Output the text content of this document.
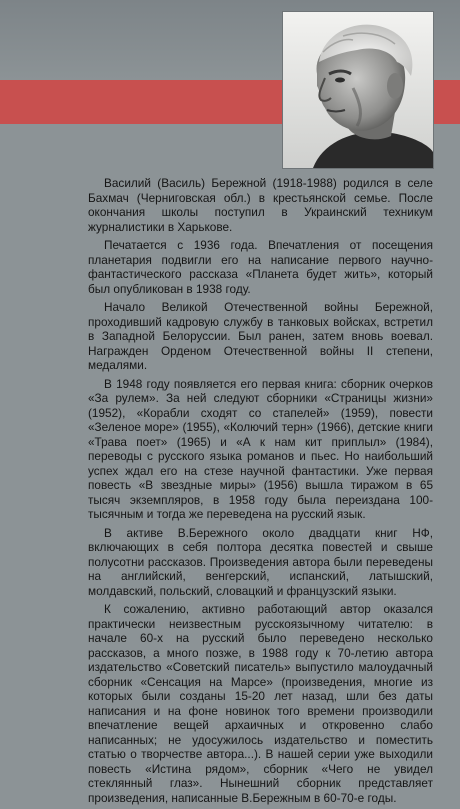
Василий (Василь) Бережной (1918-1988) родился в селе Бахмач (Черниговская обл.) в крестьянской семье. После окончания школы поступил в Украинский техникум журналистики в Харькове.

Печатается с 1936 года. Впечатления от посещения планетария подвигли его на написание первого научно-фантастического рассказа «Планета будет жить», который был опубликован в 1938 году.

Начало Великой Отечественной войны Бережной, проходивший кадровую службу в танковых войсках, встретил в Западной Белоруссии. Был ранен, затем вновь воевал. Награжден Орденом Отечественной войны II степени, медалями.

В 1948 году появляется его первая книга: сборник очерков «За рулем». За ней следуют сборники «Страницы жизни» (1952), «Корабли сходят со стапелей» (1959), повести «Зеленое море» (1955), «Колючий терн» (1966), детские книги «Трава поет» (1965) и «А к нам кит приплыл» (1984), переводы с русского языка романов и пьес. Но наибольший успех ждал его на стезе научной фантастики. Уже первая повесть «В звездные миры» (1956) вышла тиражом в 65 тысяч экземпляров, в 1958 году была переиздана 100-тысячным и тогда же переведена на русский язык.

В активе В.Бережного около двадцати книг НФ, включающих в себя полтора десятка повестей и свыше полусотни рассказов. Произведения автора были переведены на английский, венгерский, испанский, латышский, молдавский, польский, словацкий и французский языки.

К сожалению, активно работающий автор оказался практически неизвестным русскоязычному читателю: в начале 60-х на русский было переведено несколько рассказов, а много позже, в 1988 году к 70-летию автора издательство «Советский писатель» выпустило малоудачный сборник «Сенсация на Марсе» (произведения, многие из которых были созданы 15-20 лет назад, шли без даты написания и на фоне новинок того времени производили впечатление вещей архаичных и откровенно слабо написанных; не удосужилось издательство и поместить статью о творчестве автора...). В нашей серии уже выходили повесть «Истина рядом», сборник «Чего не увидел стеклянный глаз». Нынешний сборник представляет произведения, написанные В.Бережным в 60-70-е годы.
